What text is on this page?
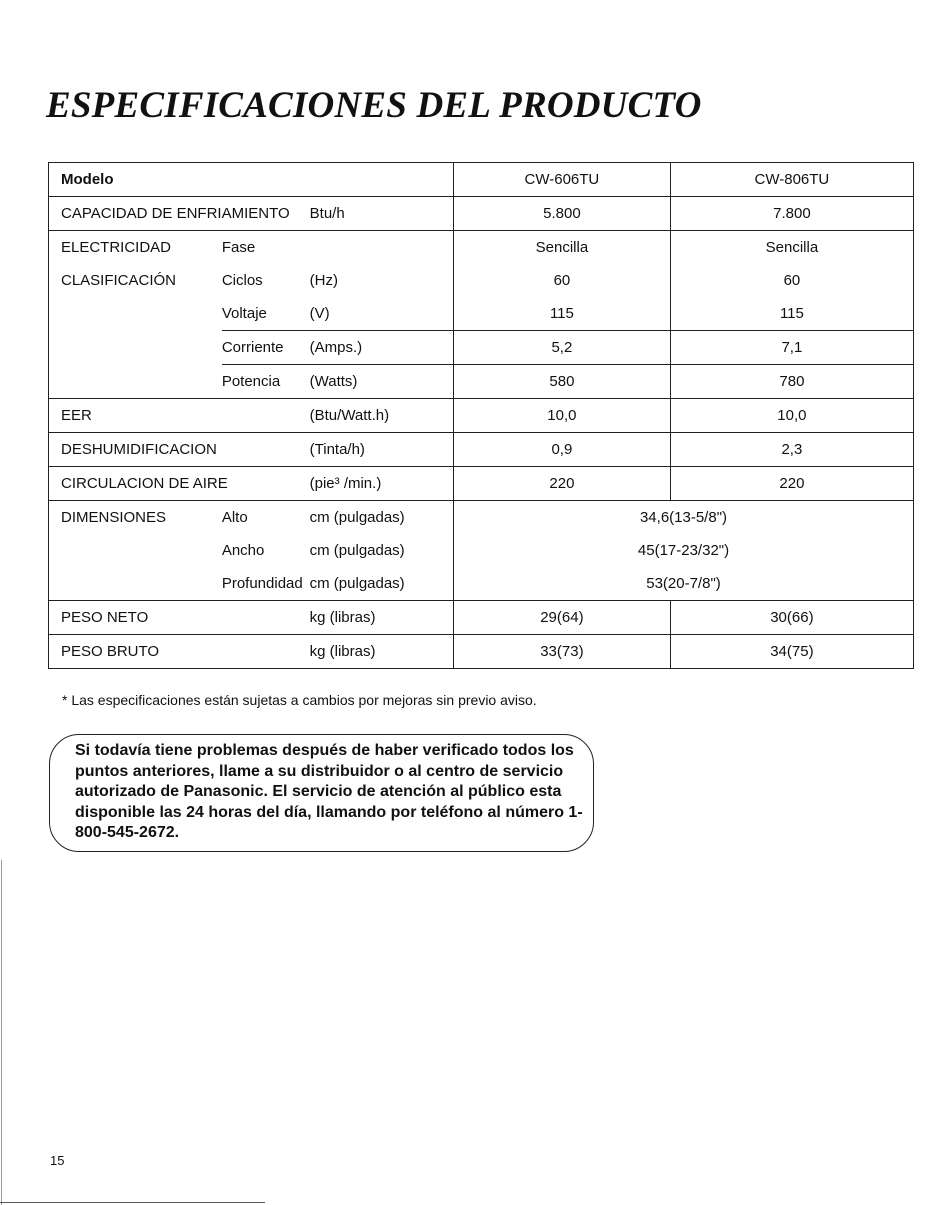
ESPECIFICACIONES DEL PRODUCTO
Modelo			CW-606TU	CW-806TU
CAPACIDAD DE ENFRIAMIENTO		Btu/h	5.800	7.800
ELECTRICIDAD	Fase		Sencilla	Sencilla
CLASIFICACIÓN	Ciclos	(Hz)	60	60
	Voltaje	(V)	115	115
	Corriente	(Amps.)	5,2	7,1
	Potencia	(Watts)	580	780
EER		(Btu/Watt.h)	10,0	10,0
DESHUMIDIFICACION		(Tinta/h)	0,9	2,3
CIRCULACION DE AIRE		(pie³ /min.)	220	220
DIMENSIONES	Alto	cm (pulgadas)	34,6(13-5/8")	
	Ancho	cm (pulgadas)	45(17-23/32")	
	Profundidad	cm (pulgadas)	53(20-7/8")	
PESO NETO		kg (libras)	29(64)	30(66)
PESO BRUTO		kg (libras)	33(73)	34(75)

* Las especificaciones están sujetas a cambios por mejoras sin previo aviso.

Si todavía tiene problemas después de haber verificado todos los puntos anteriores, llame a su distribuidor o al centro de servicio autorizado de Panasonic. El servicio de atención al público esta disponible las 24 horas del día, llamando por teléfono al número 1-800-545-2672.

15
